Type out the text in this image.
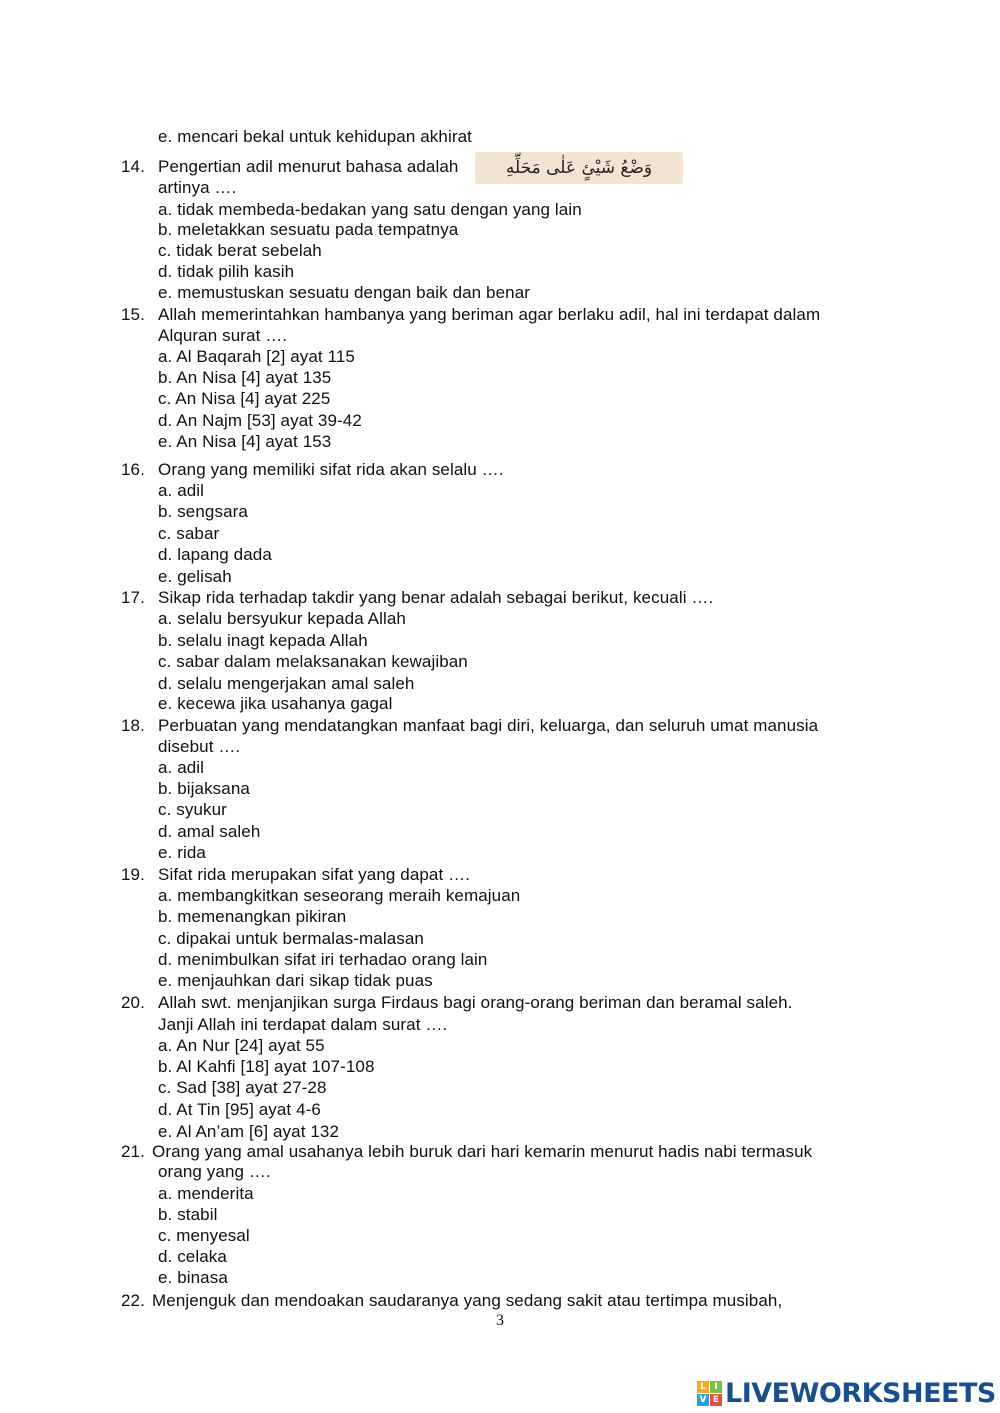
e. mencari bekal untuk kehidupan akhirat
14. Pengertian adil menurut bahasa adalah	وَضْعُ شَيْئٍ عَلٰى مَحَلِّهِ
artinya ….
a. tidak membeda-bedakan yang satu dengan yang lain
b. meletakkan sesuatu pada tempatnya
c. tidak berat sebelah
d. tidak pilih kasih
e. memustuskan sesuatu dengan baik dan benar
15. Allah memerintahkan hambanya yang beriman agar berlaku adil, hal ini terdapat dalam
Alquran surat ….
a. Al Baqarah [2] ayat 115
b. An Nisa [4] ayat 135
c. An Nisa [4] ayat 225
d. An Najm [53] ayat 39-42
e. An Nisa [4] ayat 153
16. Orang yang memiliki sifat rida akan selalu ….
a. adil
b. sengsara
c. sabar
d. lapang dada
e. gelisah
17. Sikap rida terhadap takdir yang benar adalah sebagai berikut, kecuali ….
a. selalu bersyukur kepada Allah
b. selalu inagt kepada Allah
c. sabar dalam melaksanakan kewajiban
d. selalu mengerjakan amal saleh
e. kecewa jika usahanya gagal
18. Perbuatan yang mendatangkan manfaat bagi diri, keluarga, dan seluruh umat manusia
disebut ….
a. adil
b. bijaksana
c. syukur
d. amal saleh
e. rida
19. Sifat rida merupakan sifat yang dapat ….
a. membangkitkan seseorang meraih kemajuan
b. memenangkan pikiran
c. dipakai untuk bermalas-malasan
d. menimbulkan sifat iri terhadao orang lain
e. menjauhkan dari sikap tidak puas
20. Allah swt. menjanjikan surga Firdaus bagi orang-orang beriman dan beramal saleh.
Janji Allah ini terdapat dalam surat ….
a. An Nur [24] ayat 55
b. Al Kahfi [18] ayat 107-108
c. Sad [38] ayat 27-28
d. At Tin [95] ayat 4-6
e. Al An’am [6] ayat 132
21. Orang yang amal usahanya lebih buruk dari hari kemarin menurut hadis nabi termasuk
orang yang ….
a. menderita
b. stabil
c. menyesal
d. celaka
e. binasa
22. Menjenguk dan mendoakan saudaranya yang sedang sakit atau tertimpa musibah,
3
L I
V E LIVEWORKSHEETS
